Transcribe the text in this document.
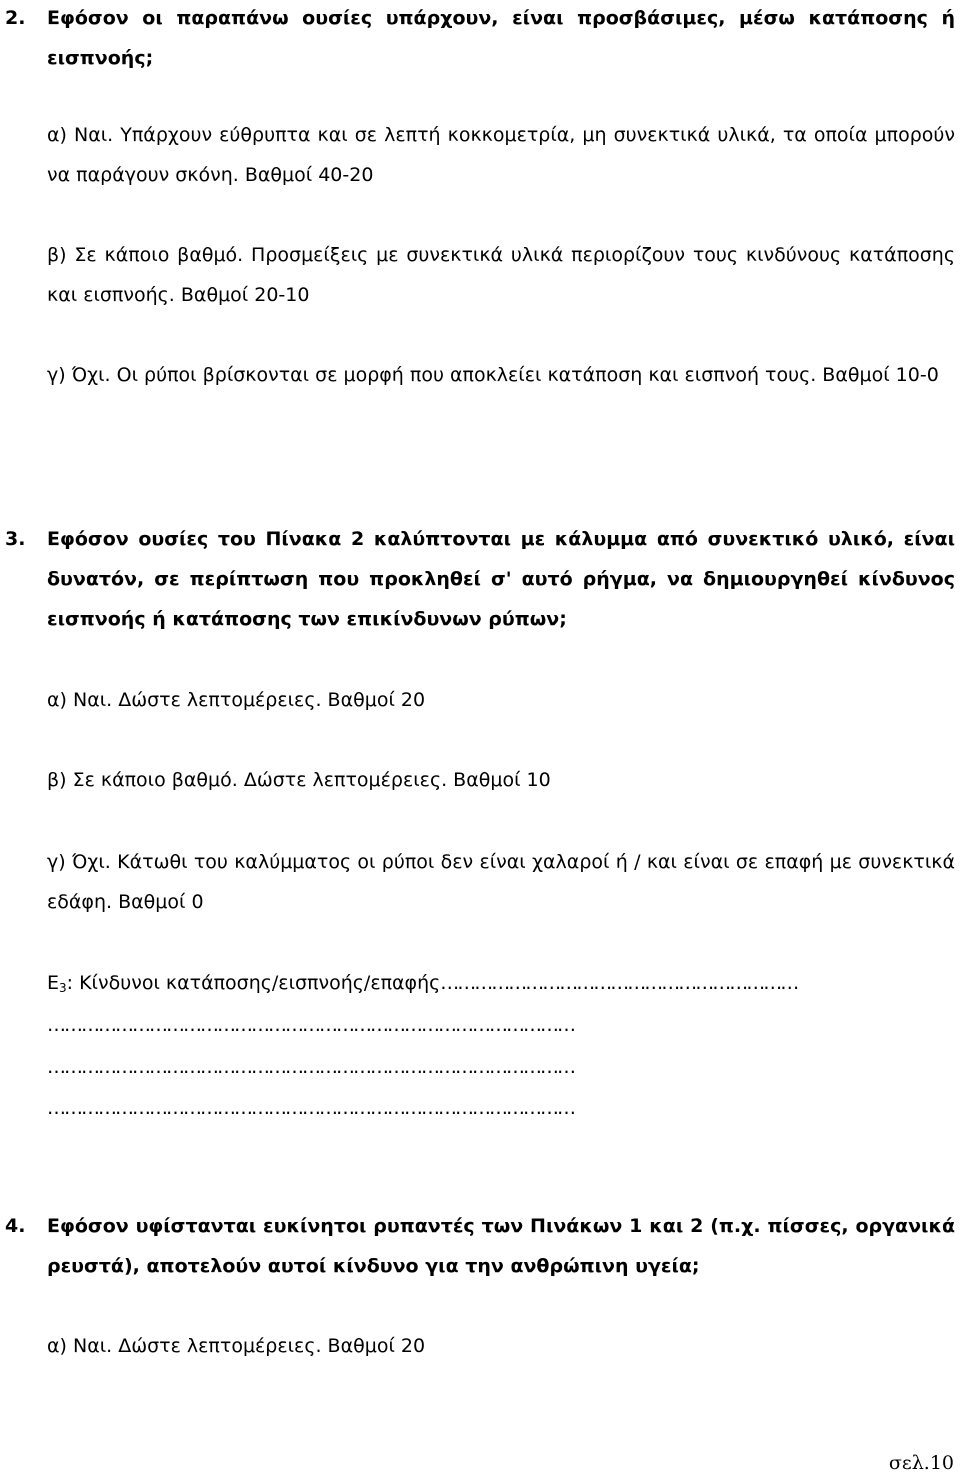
2. Εφόσον οι παραπάνω ουσίες υπάρχουν, είναι προσβάσιμες, μέσω κατάποσης ή εισπνοής;

α) Ναι. Υπάρχουν εύθρυπτα και σε λεπτή κοκκομετρία, μη συνεκτικά υλικά, τα οποία μπορούν να παράγουν σκόνη. Βαθμοί 40-20

β) Σε κάποιο βαθμό. Προσμείξεις με συνεκτικά υλικά περιορίζουν τους κινδύνους κατάποσης και εισπνοής. Βαθμοί 20-10

γ) Όχι. Οι ρύποι βρίσκονται σε μορφή που αποκλείει κατάποση και εισπνοή τους. Βαθμοί 10-0

3. Εφόσον ουσίες του Πίνακα 2 καλύπτονται με κάλυμμα από συνεκτικό υλικό, είναι δυνατόν, σε περίπτωση που προκληθεί σ' αυτό ρήγμα, να δημιουργηθεί κίνδυνος εισπνοής ή κατάποσης των επικίνδυνων ρύπων;

α) Ναι. Δώστε λεπτομέρειες. Βαθμοί 20

β) Σε κάποιο βαθμό. Δώστε λεπτομέρειες. Βαθμοί 10

γ) Όχι. Κάτωθι του καλύμματος οι ρύποι δεν είναι χαλαροί ή / και είναι σε επαφή με συνεκτικά εδάφη. Βαθμοί 0

$E_3$: Κίνδυνοι κατάποσης/εισπνοής/επαφής………………………………………………………

…………………………………………………………………………………
…………………………………………………………………………………
…………………………………………………………………………………
4. Εφόσον υφίστανται ευκίνητοι ρυπαντές των Πινάκων 1 και 2 (π.χ. πίσσες, οργανικά ρευστά), αποτελούν αυτοί κίνδυνο για την ανθρώπινη υγεία;

α) Ναι. Δώστε λεπτομέρειες. Βαθμοί 20

σελ.10
